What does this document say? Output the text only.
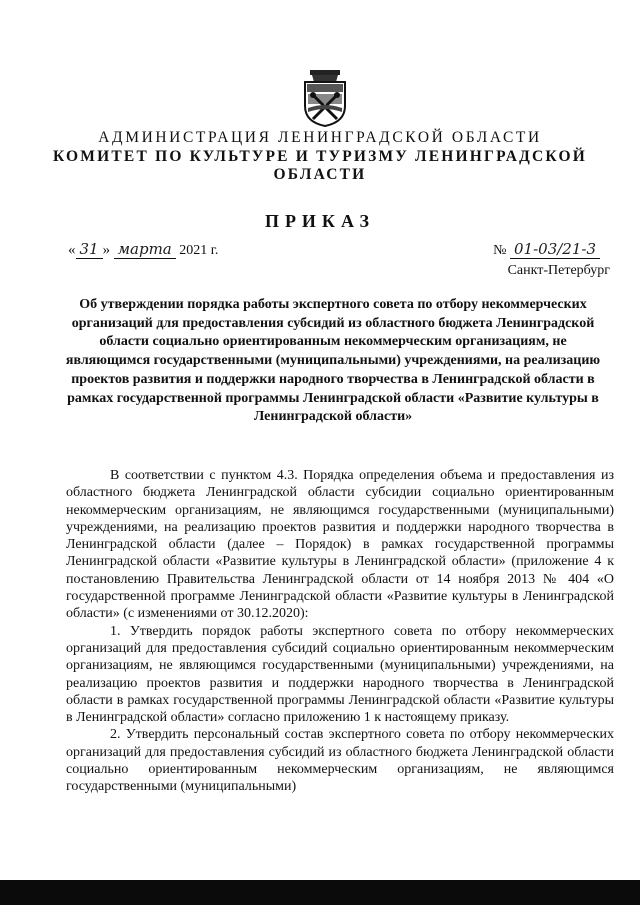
АДМИНИСТРАЦИЯ ЛЕНИНГРАДСКОЙ ОБЛАСТИ
КОМИТЕТ ПО КУЛЬТУРЕ И ТУРИЗМУ ЛЕНИНГРАДСКОЙ
ОБЛАСТИ
ПРИКАЗ
« 31 » марта 2021 г.	№ 01-03/21-3
Санкт-Петербург
Об утверждении порядка работы экспертного совета по отбору некоммерческих организаций для предоставления субсидий из областного бюджета Ленинградской области социально ориентированным некоммерческим организациям, не являющимся государственными (муниципальными) учреждениями, на реализацию проектов развития и поддержки народного творчества в Ленинградской области в рамках государственной программы Ленинградской области «Развитие культуры в Ленинградской области»

В соответствии с пунктом 4.3. Порядка определения объема и предоставления из областного бюджета Ленинградской области субсидии социально ориентированным некоммерческим организациям, не являющимся государственными (муниципальными) учреждениями, на реализацию проектов развития и поддержки народного творчества в Ленинградской области (далее – Порядок) в рамках государственной программы Ленинградской области «Развитие культуры в Ленинградской области» (приложение 4 к постановлению Правительства Ленинградской области от 14 ноября 2013 № 404 «О государственной программе Ленинградской области «Развитие культуры в Ленинградской области» (с изменениями от 30.12.2020):

1. Утвердить порядок работы экспертного совета по отбору некоммерческих организаций для предоставления субсидий социально ориентированным некоммерческим организациям, не являющимся государственными (муниципальными) учреждениями, на реализацию проектов развития и поддержки народного творчества в Ленинградской области в рамках государственной программы Ленинградской области «Развитие культуры в Ленинградской области» согласно приложению 1 к настоящему приказу.

2. Утвердить персональный состав экспертного совета по отбору некоммерческих организаций для предоставления субсидий из областного бюджета Ленинградской области социально ориентированным некоммерческим организациям, не являющимся государственными (муниципальными)
